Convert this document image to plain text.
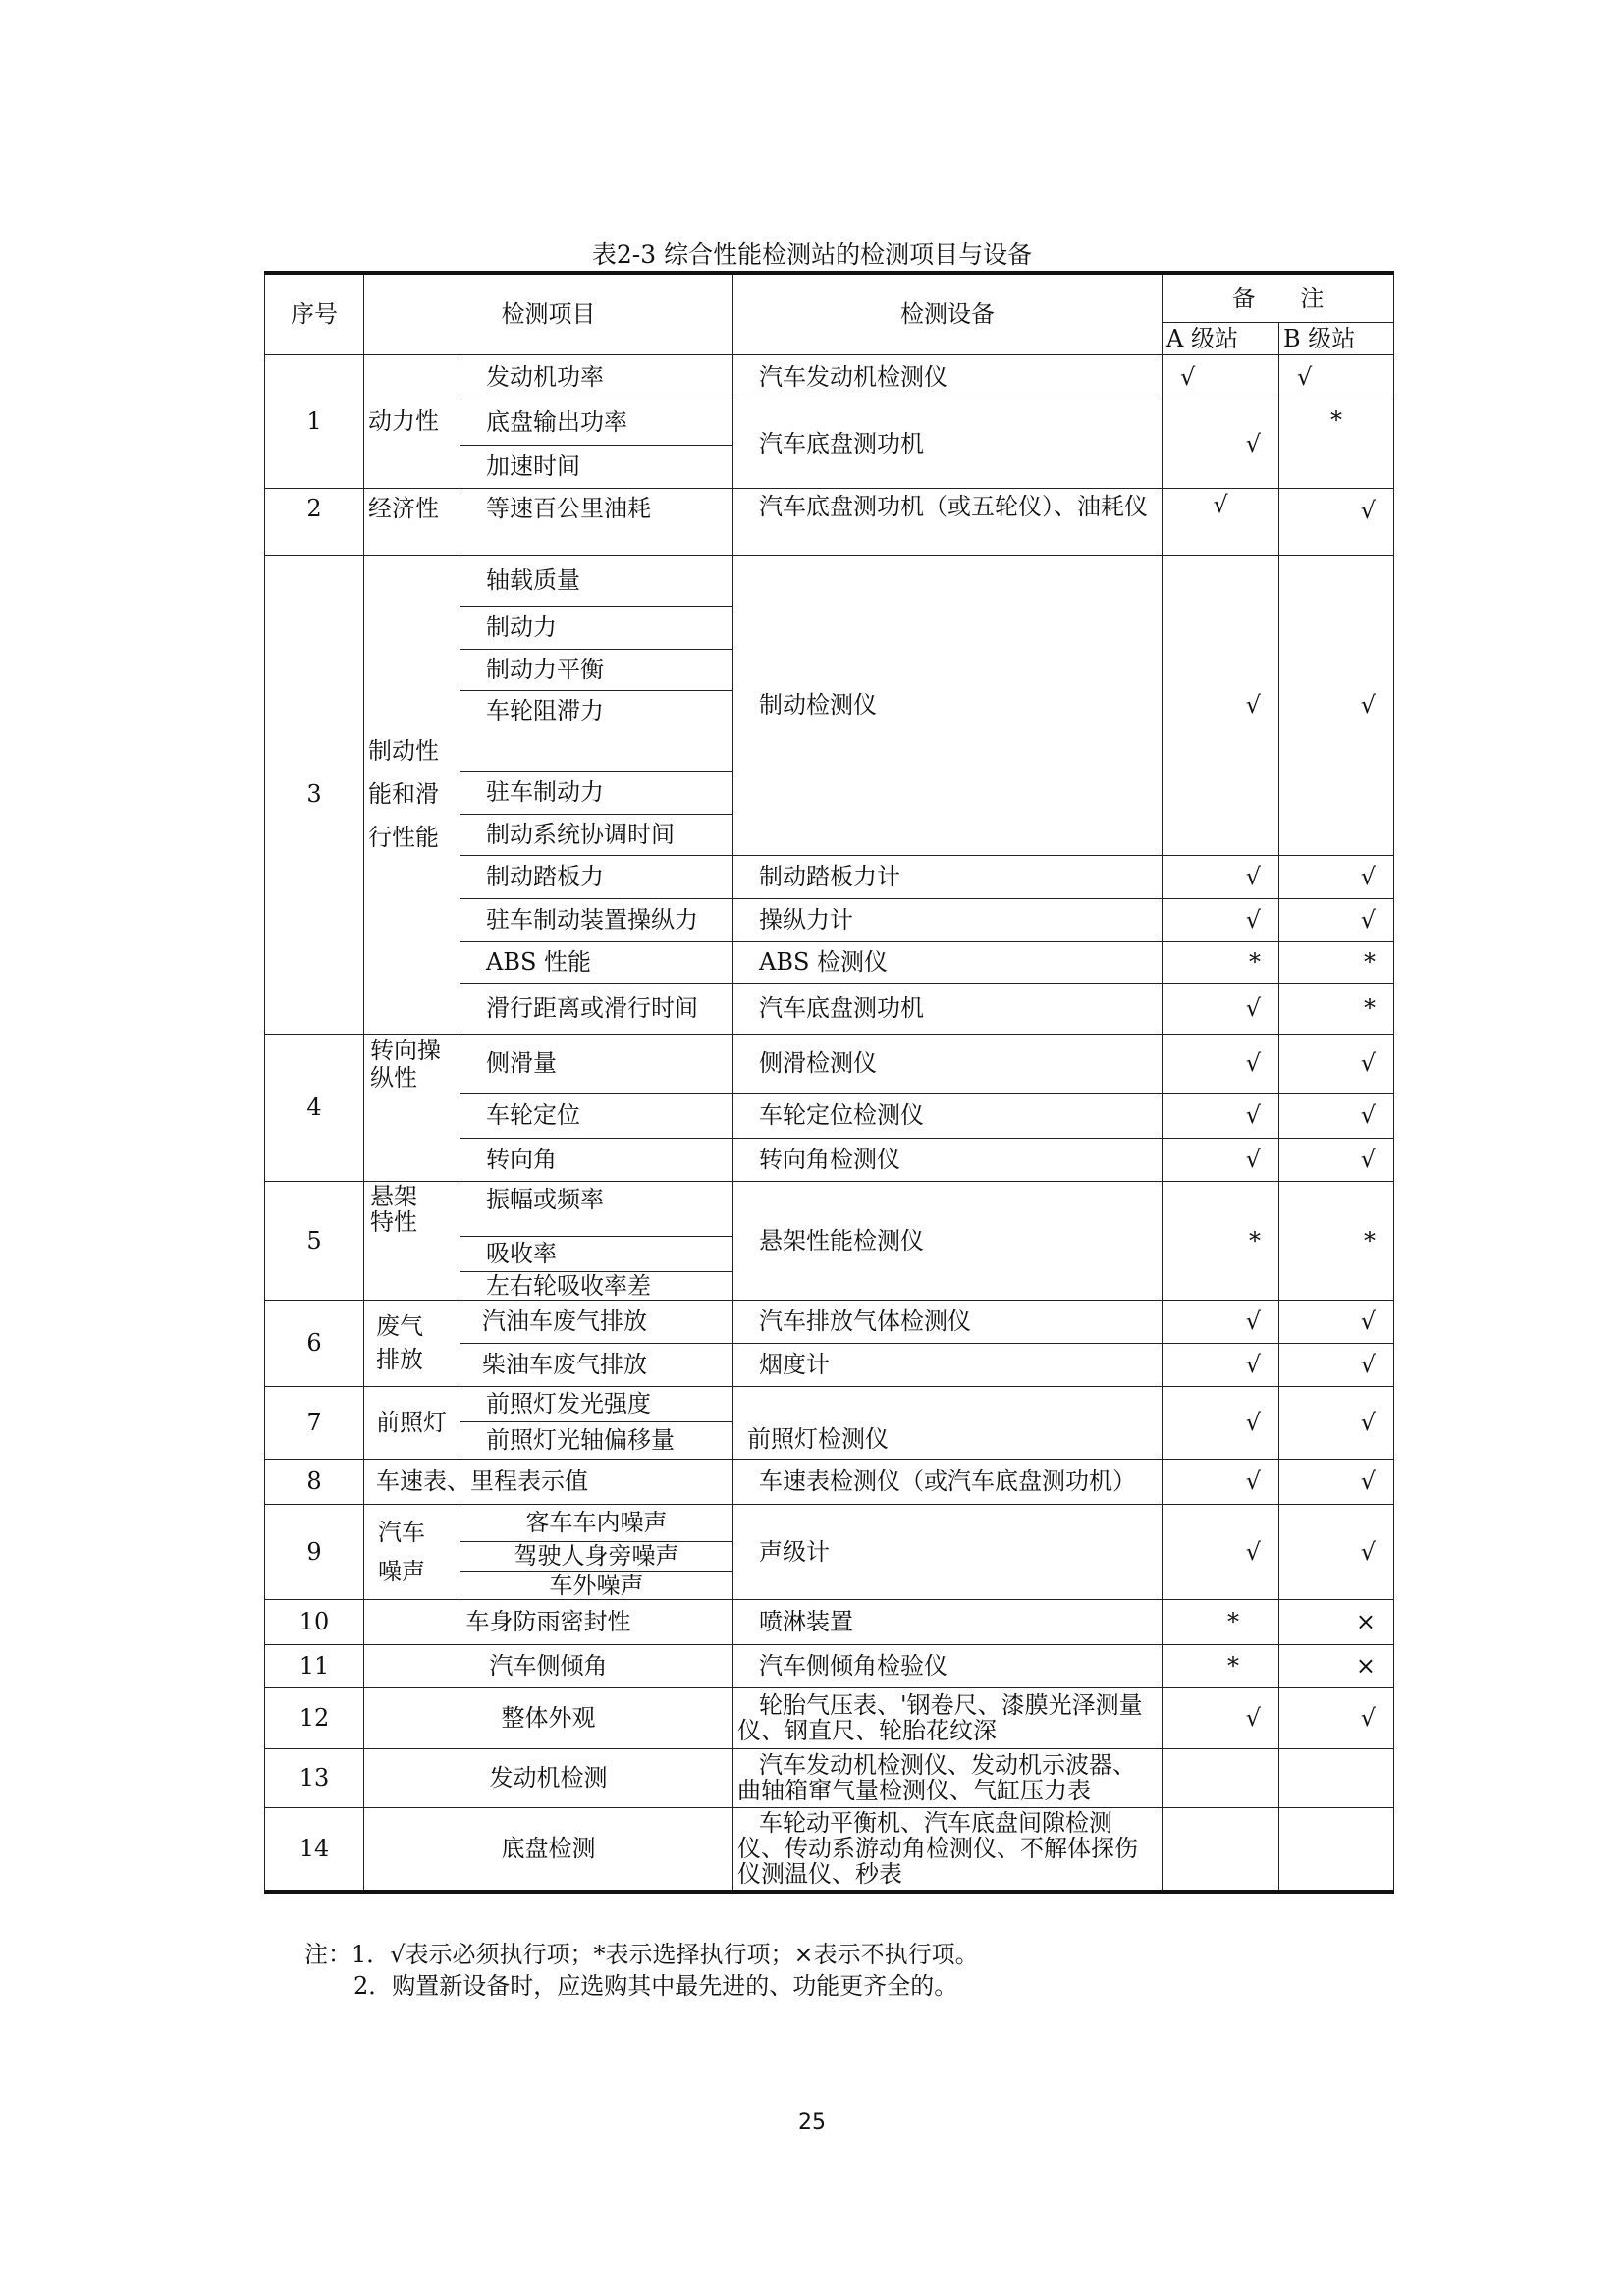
表2-3 综合性能检测站的检测项目与设备
序号	检测项目		检测设备	备      注	
				A 级站	B 级站
1	动力性	发动机功率	汽车发动机检测仪	√	√
		底盘输出功率	汽车底盘测功机	√	*
		加速时间			
2	经济性	等速百公里油耗	汽车底盘测功机（或五轮仪）、油耗仪	√	√
3	制动性能和滑行性能	轴载质量	制动检测仪	√	√
		制动力			
		制动力平衡			
		车轮阻滞力			
		驻车制动力			
		制动系统协调时间			
		制动踏板力	制动踏板力计	√	√
		驻车制动装置操纵力	操纵力计	√	√
		ABS 性能	ABS 检测仪	*	*
		滑行距离或滑行时间	汽车底盘测功机	√	*
4	转向操纵性	侧滑量	侧滑检测仪	√	√
		车轮定位	车轮定位检测仪	√	√
		转向角	转向角检测仪	√	√
5	悬架特性	振幅或频率	悬架性能检测仪	*	*
		吸收率			
		左右轮吸收率差			
6	废气排放	汽油车废气排放	汽车排放气体检测仪	√	√
		柴油车废气排放	烟度计	√	√
7	前照灯	前照灯发光强度	前照灯检测仪	√	√
		前照灯光轴偏移量			
8	车速表、里程表示值		车速表检测仪（或汽车底盘测功机）	√	√
9	汽车噪声	客车车内噪声	声级计	√	√
		驾驶人身旁噪声			
		车外噪声			
10	车身防雨密封性		喷淋装置	*	×
11	汽车侧倾角		汽车侧倾角检验仪	*	×
12	整体外观		轮胎气压表、'钢卷尺、漆膜光泽测量仪、钢直尺、轮胎花纹深	√	√
13	发动机检测		汽车发动机检测仪、发动机示波器、曲轴箱窜气量检测仪、气缸压力表		
14	底盘检测		车轮动平衡机、汽车底盘间隙检测仪、传动系游动角检测仪、不解体探伤仪测温仪、秒表		
注：1．√表示必须执行项；*表示选择执行项；×表示不执行项。
2．购置新设备时，应选购其中最先进的、功能更齐全的。
25
